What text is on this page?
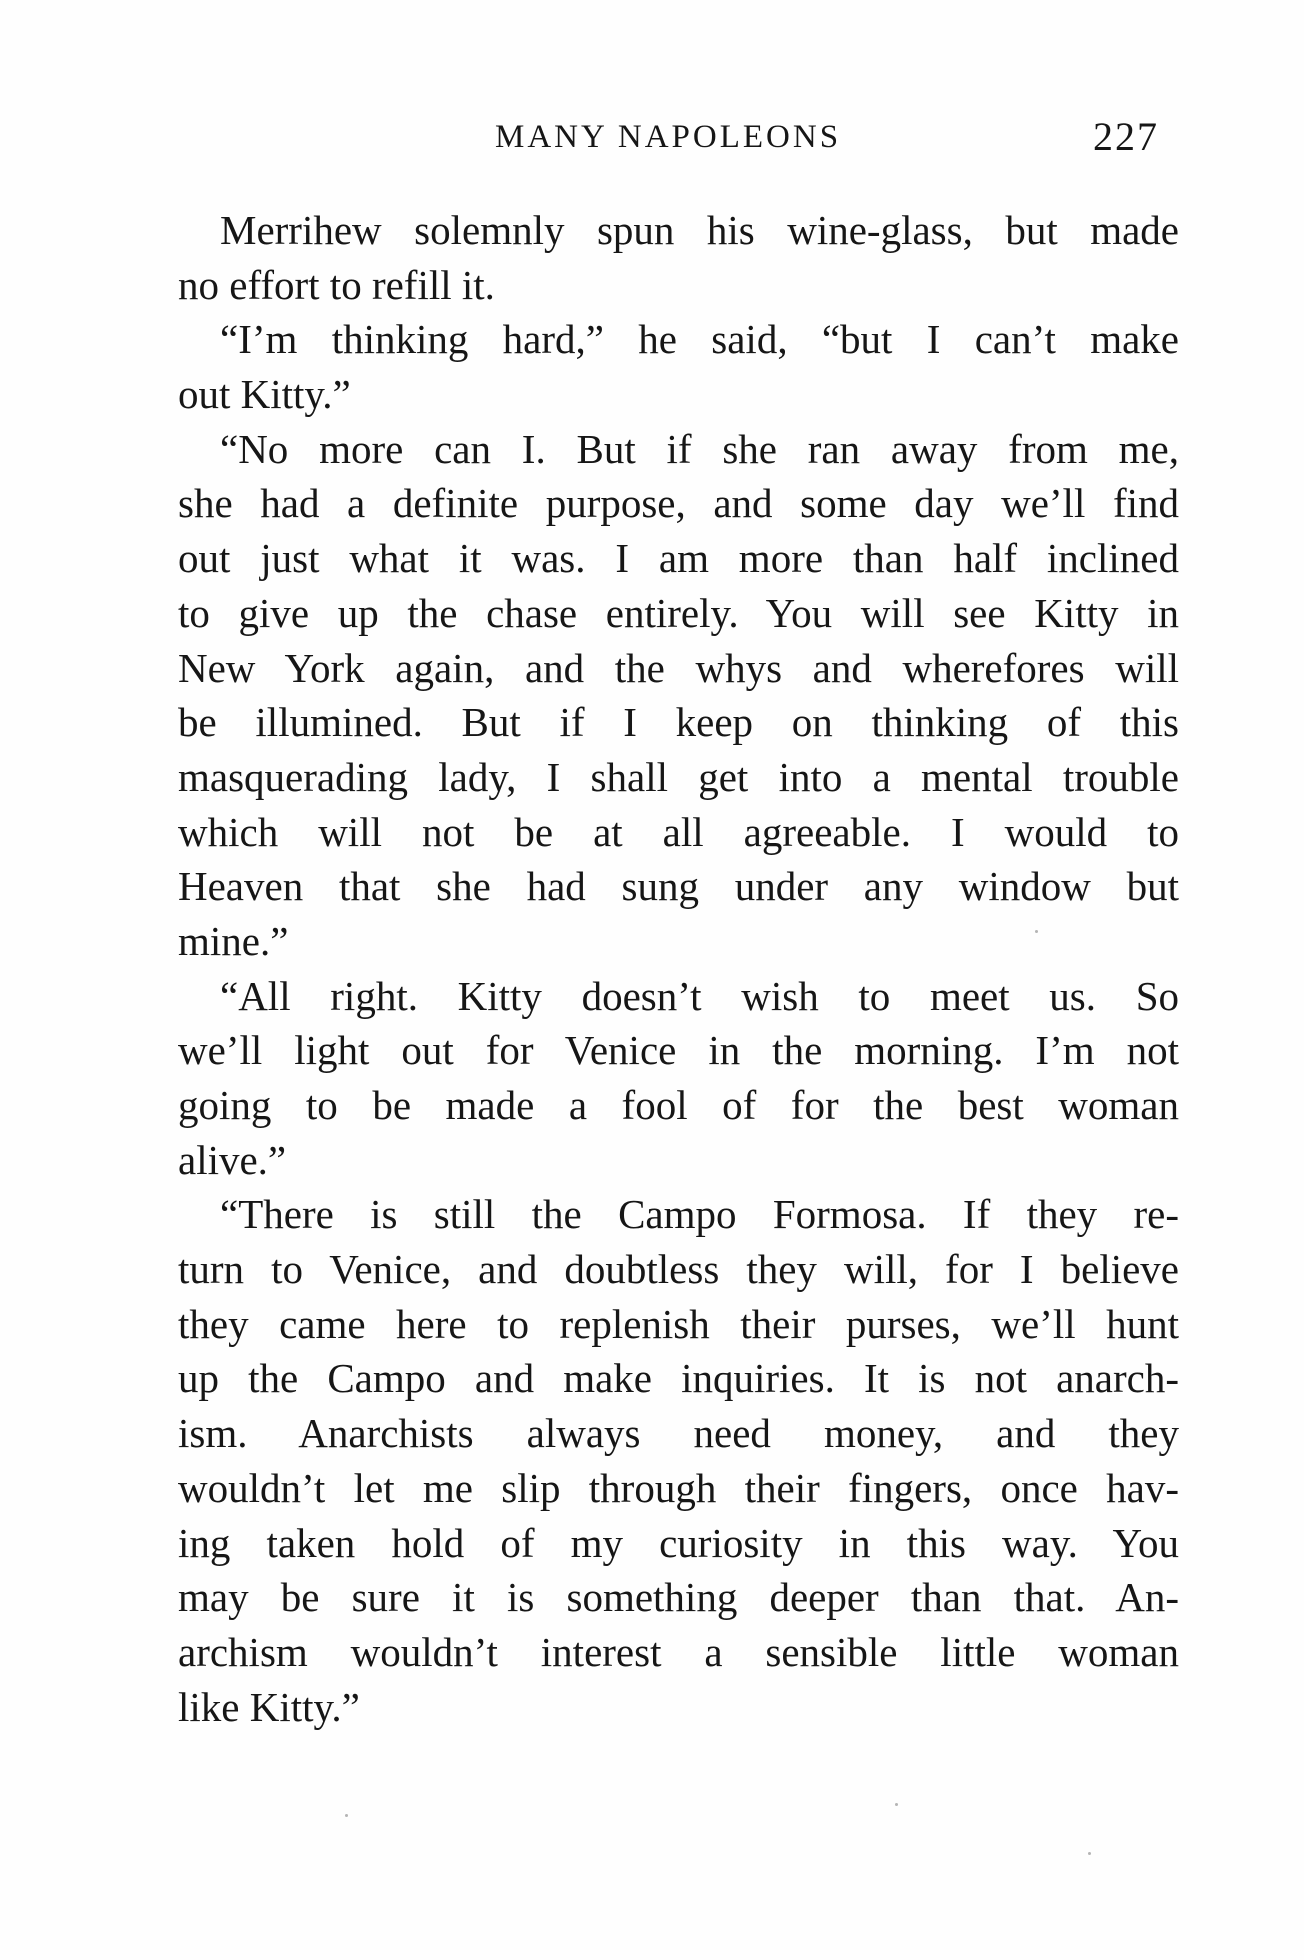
MANY NAPOLEONS	227
Merrihew solemnly spun his wine-glass, but made
no effort to refill it.
“I’m thinking hard,” he said, “but I can’t make
out Kitty.”
“No more can I. But if she ran away from me,
she had a definite purpose, and some day we’ll find
out just what it was. I am more than half inclined
to give up the chase entirely. You will see Kitty in
New York again, and the whys and wherefores will
be illumined. But if I keep on thinking of this
masquerading lady, I shall get into a mental trouble
which will not be at all agreeable. I would to
Heaven that she had sung under any window but
mine.”
“All right. Kitty doesn’t wish to meet us. So
we’ll light out for Venice in the morning. I’m not
going to be made a fool of for the best woman
alive.”
“There is still the Campo Formosa. If they re-
turn to Venice, and doubtless they will, for I believe
they came here to replenish their purses, we’ll hunt
up the Campo and make inquiries. It is not anarch-
ism. Anarchists always need money, and they
wouldn’t let me slip through their fingers, once hav-
ing taken hold of my curiosity in this way. You
may be sure it is something deeper than that. An-
archism wouldn’t interest a sensible little woman
like Kitty.”
